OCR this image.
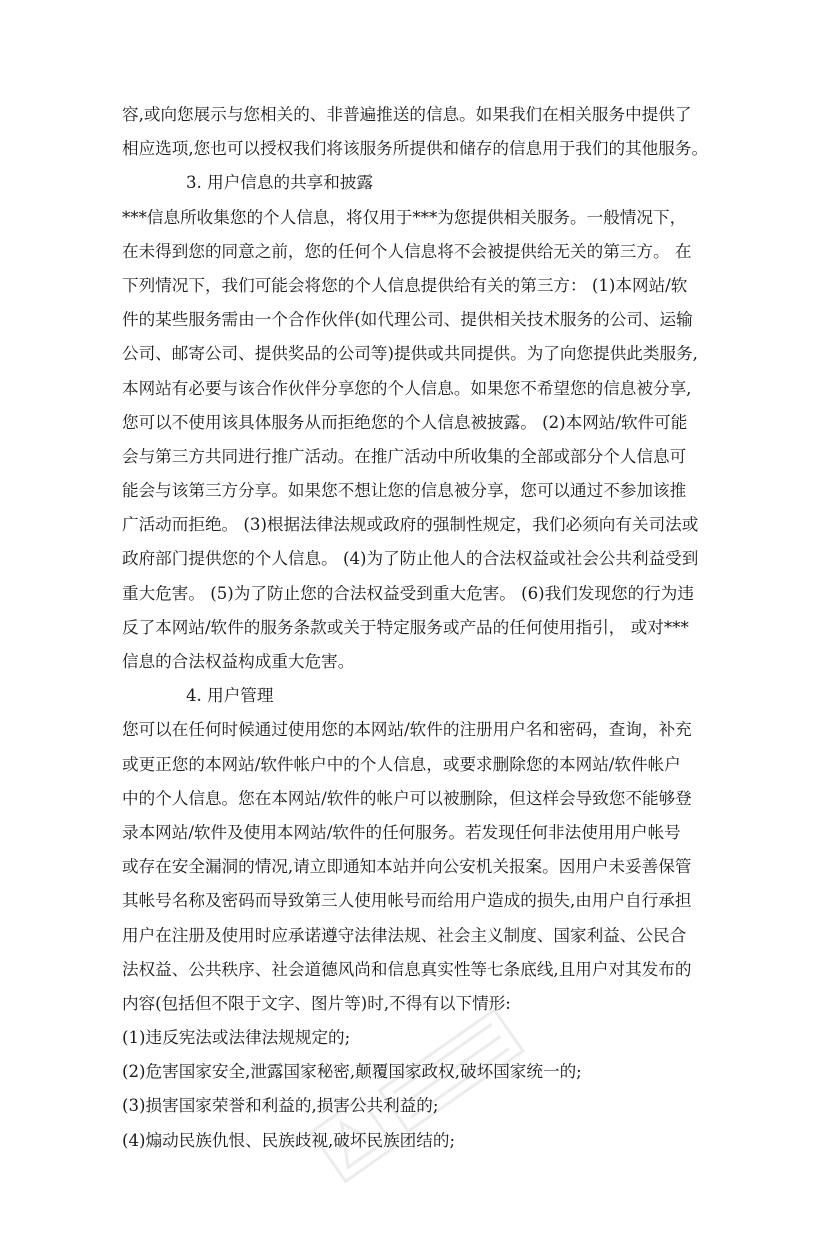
容,或向您展示与您相关的、非普遍推送的信息。如果我们在相关服务中提供了
相应选项,您也可以授权我们将该服务所提供和储存的信息用于我们的其他服务。
3. 用户信息的共享和披露
***信息所收集您的个人信息，将仅用于***为您提供相关服务。一般情况下，
在未得到您的同意之前，您的任何个人信息将不会被提供给无关的第三方。 在
下列情况下，我们可能会将您的个人信息提供给有关的第三方： (1)本网站/软
件的某些服务需由一个合作伙伴(如代理公司、提供相关技术服务的公司、运输
公司、邮寄公司、提供奖品的公司等)提供或共同提供。为了向您提供此类服务,
本网站有必要与该合作伙伴分享您的个人信息。如果您不希望您的信息被分享,
您可以不使用该具体服务从而拒绝您的个人信息被披露。 (2)本网站/软件可能
会与第三方共同进行推广活动。在推广活动中所收集的全部或部分个人信息可
能会与该第三方分享。如果您不想让您的信息被分享，您可以通过不参加该推
广活动而拒绝。 (3)根据法律法规或政府的强制性规定，我们必须向有关司法或
政府部门提供您的个人信息。 (4)为了防止他人的合法权益或社会公共利益受到
重大危害。 (5)为了防止您的合法权益受到重大危害。 (6)我们发现您的行为违
反了本网站/软件的服务条款或关于特定服务或产品的任何使用指引， 或对***
信息的合法权益构成重大危害。
4. 用户管理
您可以在任何时候通过使用您的本网站/软件的注册用户名和密码，查询，补充
或更正您的本网站/软件帐户中的个人信息，或要求删除您的本网站/软件帐户
中的个人信息。您在本网站/软件的帐户可以被删除，但这样会导致您不能够登
录本网站/软件及使用本网站/软件的任何服务。若发现任何非法使用用户帐号
或存在安全漏洞的情况,请立即通知本站并向公安机关报案。因用户未妥善保管
其帐号名称及密码而导致第三人使用帐号而给用户造成的损失,由用户自行承担
用户在注册及使用时应承诺遵守法律法规、社会主义制度、国家利益、公民合
法权益、公共秩序、社会道德风尚和信息真实性等七条底线,且用户对其发布的
内容(包括但不限于文字、图片等)时,不得有以下情形:
(1)违反宪法或法律法规规定的;
(2)危害国家安全,泄露国家秘密,颠覆国家政权,破坏国家统一的;
(3)损害国家荣誉和利益的,损害公共利益的;
(4)煽动民族仇恨、民族歧视,破坏民族团结的;
